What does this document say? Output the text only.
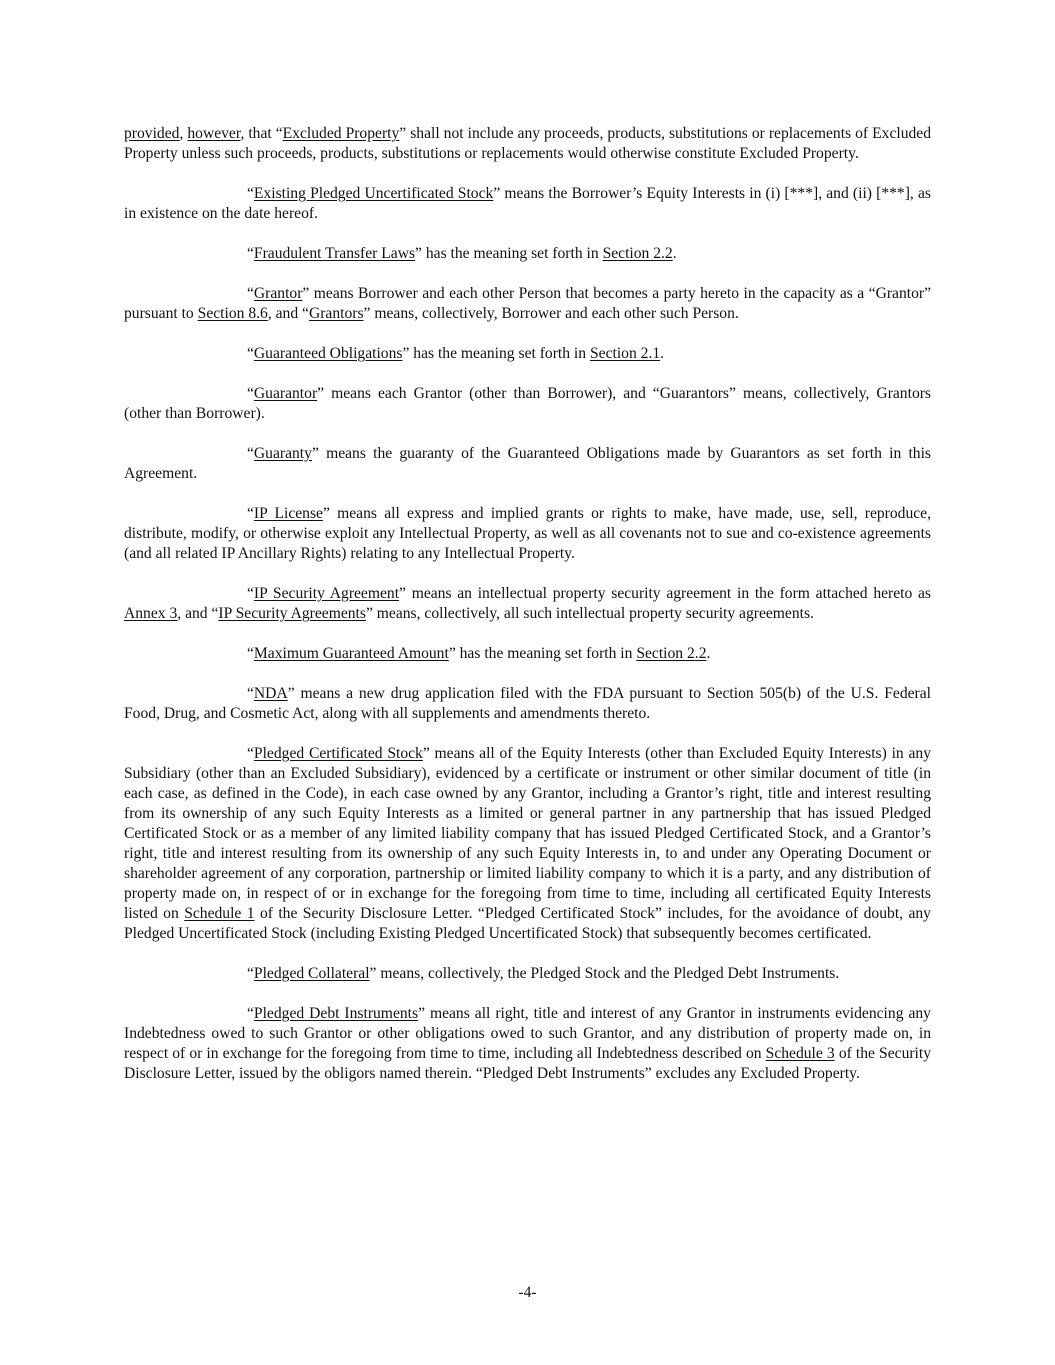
provided, however, that “Excluded Property” shall not include any proceeds, products, substitutions or replacements of Excluded Property unless such proceeds, products, substitutions or replacements would otherwise constitute Excluded Property.

“Existing Pledged Uncertificated Stock” means the Borrower’s Equity Interests in (i) [***], and (ii) [***], as in existence on the date hereof.

“Fraudulent Transfer Laws” has the meaning set forth in Section 2.2.

“Grantor” means Borrower and each other Person that becomes a party hereto in the capacity as a “Grantor” pursuant to Section 8.6, and “Grantors” means, collectively, Borrower and each other such Person.

“Guaranteed Obligations” has the meaning set forth in Section 2.1.

“Guarantor” means each Grantor (other than Borrower), and “Guarantors” means, collectively, Grantors (other than Borrower).

“Guaranty” means the guaranty of the Guaranteed Obligations made by Guarantors as set forth in this Agreement.

“IP License” means all express and implied grants or rights to make, have made, use, sell, reproduce, distribute, modify, or otherwise exploit any Intellectual Property, as well as all covenants not to sue and co-existence agreements (and all related IP Ancillary Rights) relating to any Intellectual Property.

“IP Security Agreement” means an intellectual property security agreement in the form attached hereto as Annex 3, and “IP Security Agreements” means, collectively, all such intellectual property security agreements.

“Maximum Guaranteed Amount” has the meaning set forth in Section 2.2.

“NDA” means a new drug application filed with the FDA pursuant to Section 505(b) of the U.S. Federal Food, Drug, and Cosmetic Act, along with all supplements and amendments thereto.

“Pledged Certificated Stock” means all of the Equity Interests (other than Excluded Equity Interests) in any Subsidiary (other than an Excluded Subsidiary), evidenced by a certificate or instrument or other similar document of title (in each case, as defined in the Code), in each case owned by any Grantor, including a Grantor’s right, title and interest resulting from its ownership of any such Equity Interests as a limited or general partner in any partnership that has issued Pledged Certificated Stock or as a member of any limited liability company that has issued Pledged Certificated Stock, and a Grantor’s right, title and interest resulting from its ownership of any such Equity Interests in, to and under any Operating Document or shareholder agreement of any corporation, partnership or limited liability company to which it is a party, and any distribution of property made on, in respect of or in exchange for the foregoing from time to time, including all certificated Equity Interests listed on Schedule 1 of the Security Disclosure Letter. “Pledged Certificated Stock” includes, for the avoidance of doubt, any Pledged Uncertificated Stock (including Existing Pledged Uncertificated Stock) that subsequently becomes certificated.

“Pledged Collateral” means, collectively, the Pledged Stock and the Pledged Debt Instruments.

“Pledged Debt Instruments” means all right, title and interest of any Grantor in instruments evidencing any Indebtedness owed to such Grantor or other obligations owed to such Grantor, and any distribution of property made on, in respect of or in exchange for the foregoing from time to time, including all Indebtedness described on Schedule 3 of the Security Disclosure Letter, issued by the obligors named therein. “Pledged Debt Instruments” excludes any Excluded Property.

-4-
